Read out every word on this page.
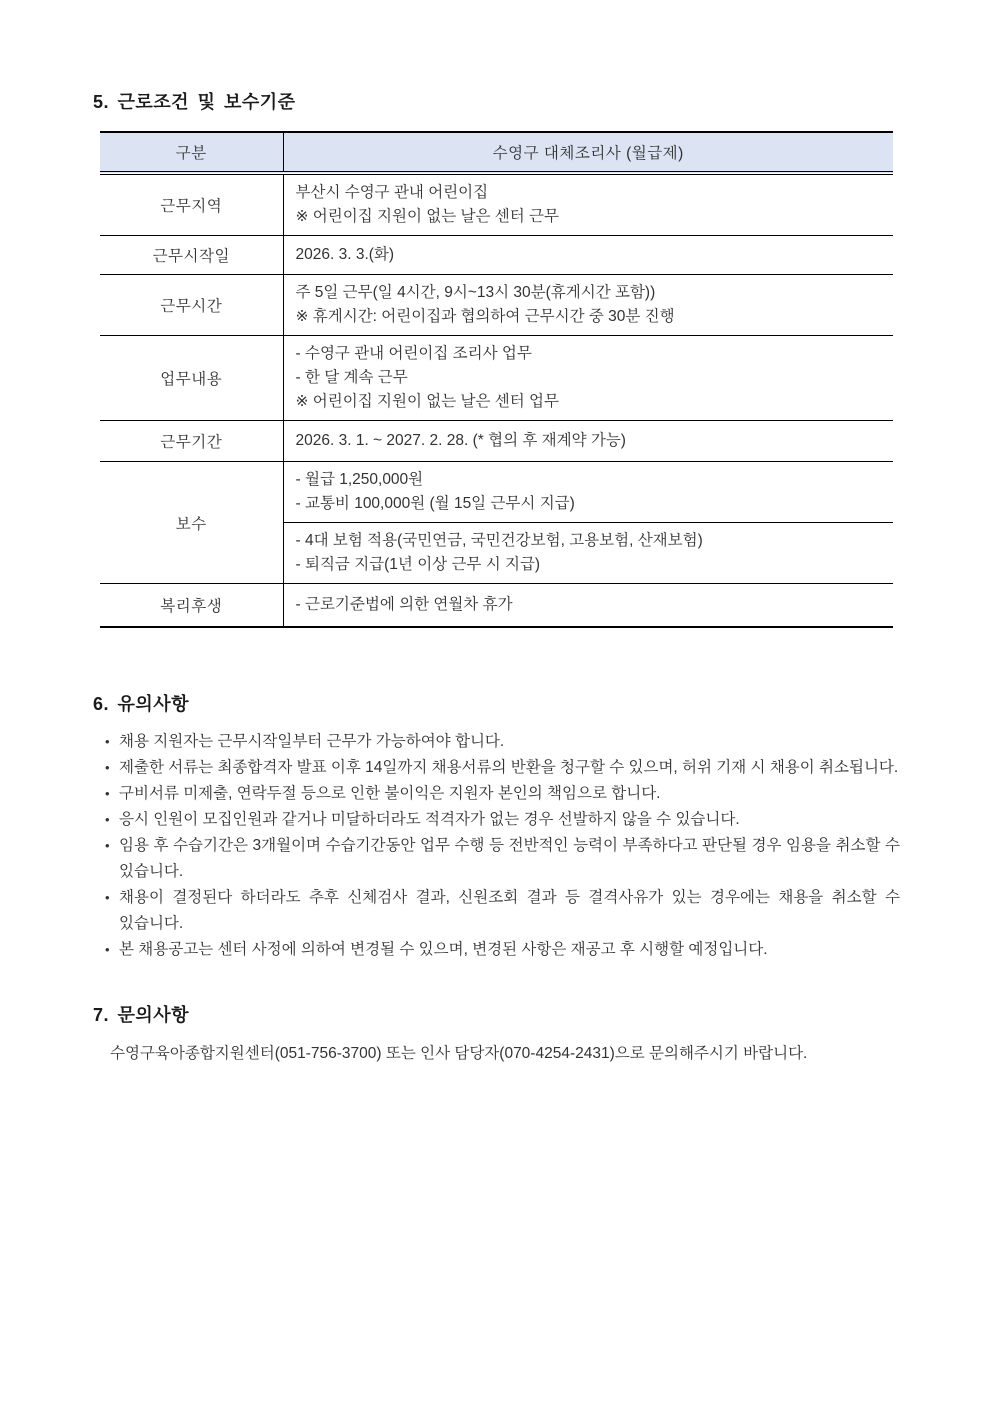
5. 근로조건 및 보수기준
구분	수영구 대체조리사 (월급제)
근무지역	부산시 수영구 관내 어린이집
※ 어린이집 지원이 없는 날은 센터 근무

근무시작일	2026. 3. 3.(화)

근무시간	주 5일 근무(일 4시간, 9시~13시 30분(휴게시간 포함))
※ 휴게시간: 어린이집과 협의하여 근무시간 중 30분 진행

업무내용	- 수영구 관내 어린이집 조리사 업무
- 한 달 계속 근무
※ 어린이집 지원이 없는 날은 센터 업무

근무기간	2026. 3. 1. ~ 2027. 2. 28. (* 협의 후 재계약 가능)

보수	- 월급 1,250,000원
- 교통비 100,000원 (월 15일 근무시 지급)

	- 4대 보험 적용(국민연금, 국민건강보험, 고용보험, 산재보험)
- 퇴직금 지급(1년 이상 근무 시 지급)

복리후생	- 근로기준법에 의한 연월차 휴가
6. 유의사항
• 채용 지원자는 근무시작일부터 근무가 가능하여야 합니다.
• 제출한 서류는 최종합격자 발표 이후 14일까지 채용서류의 반환을 청구할 수 있으며, 허위 기재 시 채용이 취소됩니다.
• 구비서류 미제출, 연락두절 등으로 인한 불이익은 지원자 본인의 책임으로 합니다.
• 응시 인원이 모집인원과 같거나 미달하더라도 적격자가 없는 경우 선발하지 않을 수 있습니다.
• 임용 후 수습기간은 3개월이며 수습기간동안 업무 수행 등 전반적인 능력이 부족하다고 판단될 경우 임용을 취소할 수 있습니다.
• 채용이 결정된다 하더라도 추후 신체검사 결과, 신원조회 결과 등 결격사유가 있는 경우에는 채용을 취소할 수 있습니다.
• 본 채용공고는 센터 사정에 의하여 변경될 수 있으며, 변경된 사항은 재공고 후 시행할 예정입니다.
7. 문의사항

수영구육아종합지원센터(051-756-3700) 또는 인사 담당자(070-4254-2431)으로 문의해주시기 바랍니다.
